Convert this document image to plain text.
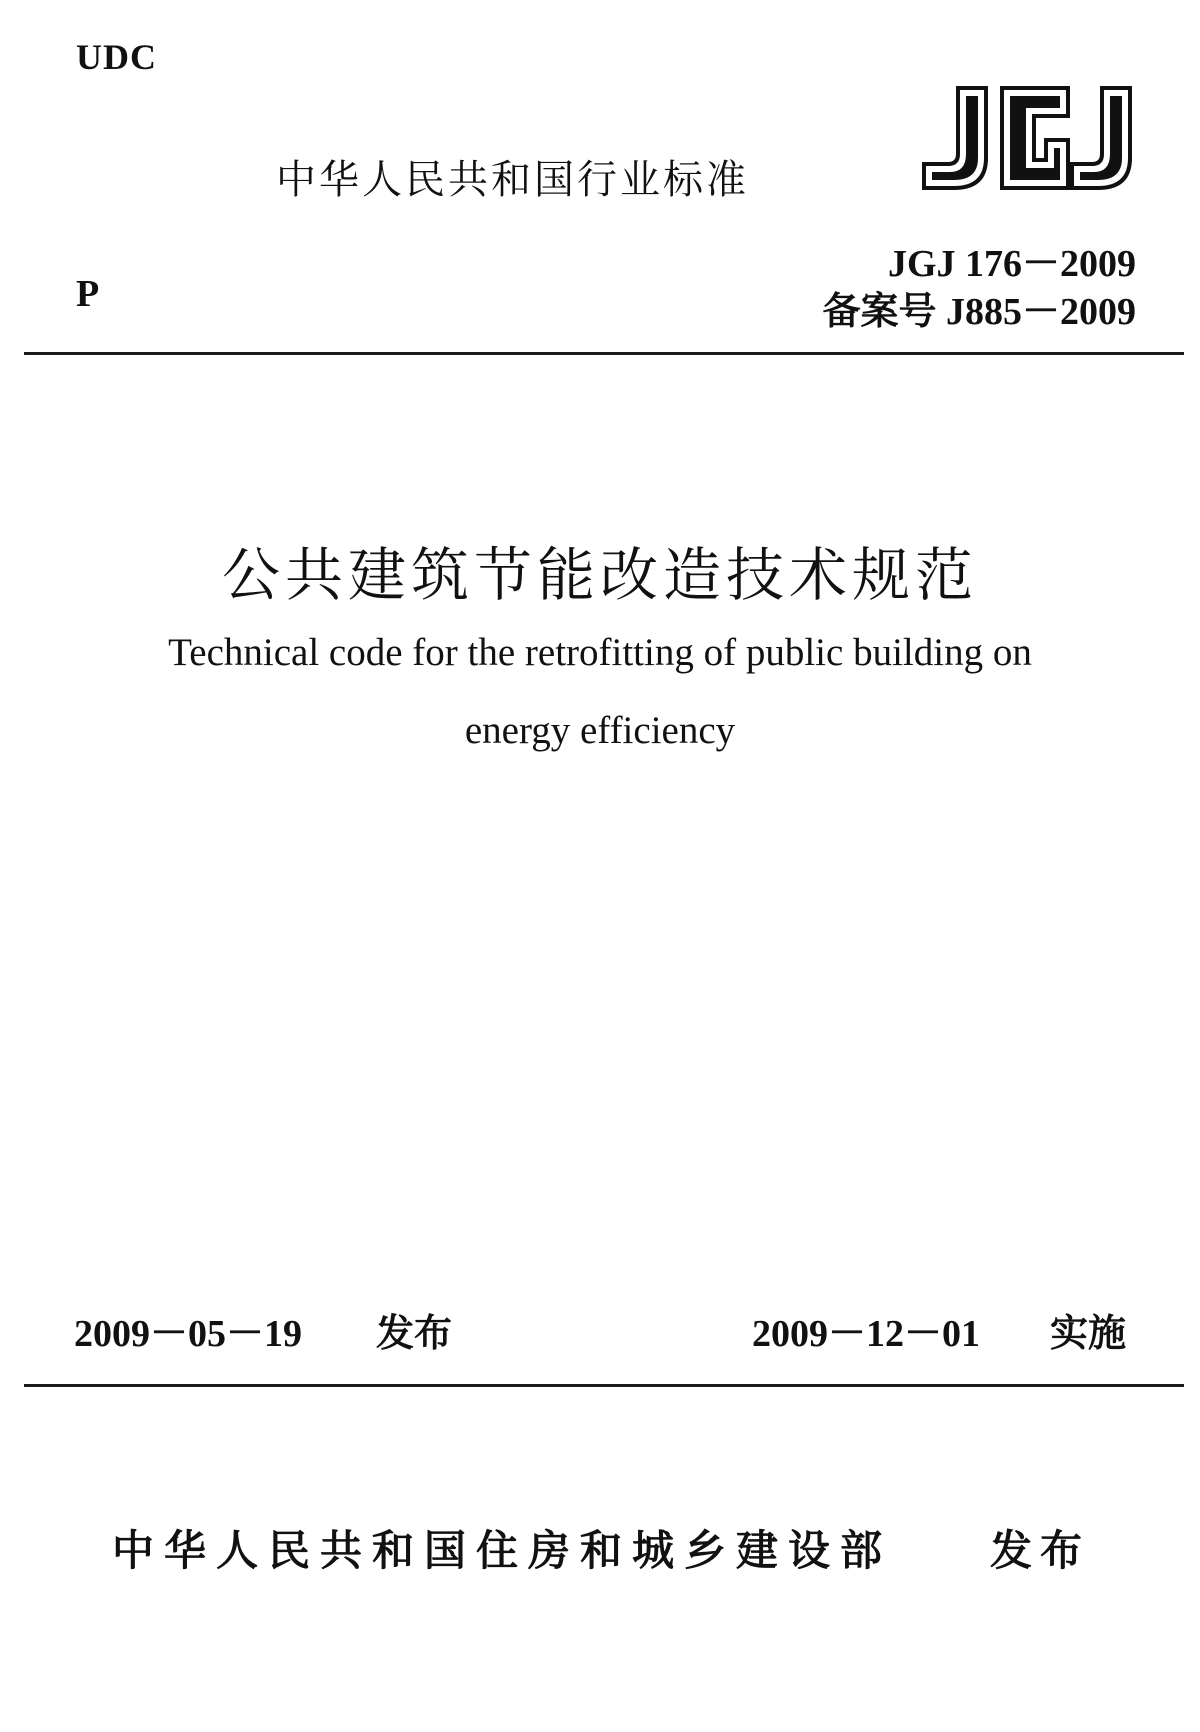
UDC
中华人民共和国行业标准
JGJ 176－2009
备案号 J885－2009
P
公共建筑节能改造技术规范
Technical code for the retrofitting of public building on
energy efficiency
2009－05－19 发布	2009－12－01 实施
中华人民共和国住房和城乡建设部 发布
